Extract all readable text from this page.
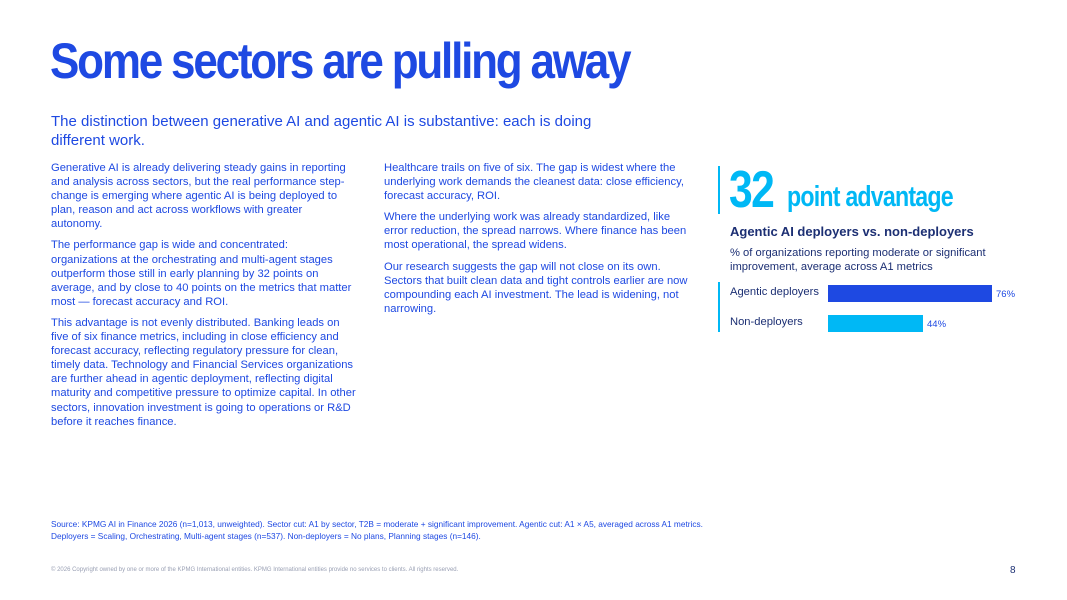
Some sectors are pulling away

The distinction between generative AI and agentic AI is substantive: each is doing different work.

Generative AI is already delivering steady gains in reporting and analysis across sectors, but the real performance step-change is emerging where agentic AI is being deployed to plan, reason and act across workflows with greater autonomy.

The performance gap is wide and concentrated: organizations at the orchestrating and multi-agent stages outperform those still in early planning by 32 points on average, and by close to 40 points on the metrics that matter most — forecast accuracy and ROI.

This advantage is not evenly distributed. Banking leads on five of six finance metrics, including in close efficiency and forecast accuracy, reflecting regulatory pressure for clean, timely data. Technology and Financial Services organizations are further ahead in agentic deployment, reflecting digital maturity and competitive pressure to optimize capital. In other sectors, innovation investment is going to operations or R&D before it reaches finance.

Healthcare trails on five of six. The gap is widest where the underlying work demands the cleanest data: close efficiency, forecast accuracy, ROI.

Where the underlying work was already standardized, like error reduction, the spread narrows. Where finance has been most operational, the spread widens.

Our research suggests the gap will not close on its own. Sectors that built clean data and tight controls earlier are now compounding each AI investment. The lead is widening, not narrowing.

32 point advantage
Agentic AI deployers vs. non-deployers
% of organizations reporting moderate or significant improvement, average across A1 metrics
Agentic deployers	76%
Non-deployers	44%
Source: KPMG AI in Finance 2026 (n=1,013, unweighted). Sector cut: A1 by sector, T2B = moderate + significant improvement. Agentic cut: A1 × A5, averaged across A1 metrics.
Deployers = Scaling, Orchestrating, Multi-agent stages (n=537). Non-deployers = No plans, Planning stages (n=146).
© 2026 Copyright owned by one or more of the KPMG International entities. KPMG International entities provide no services to clients. All rights reserved.	8
